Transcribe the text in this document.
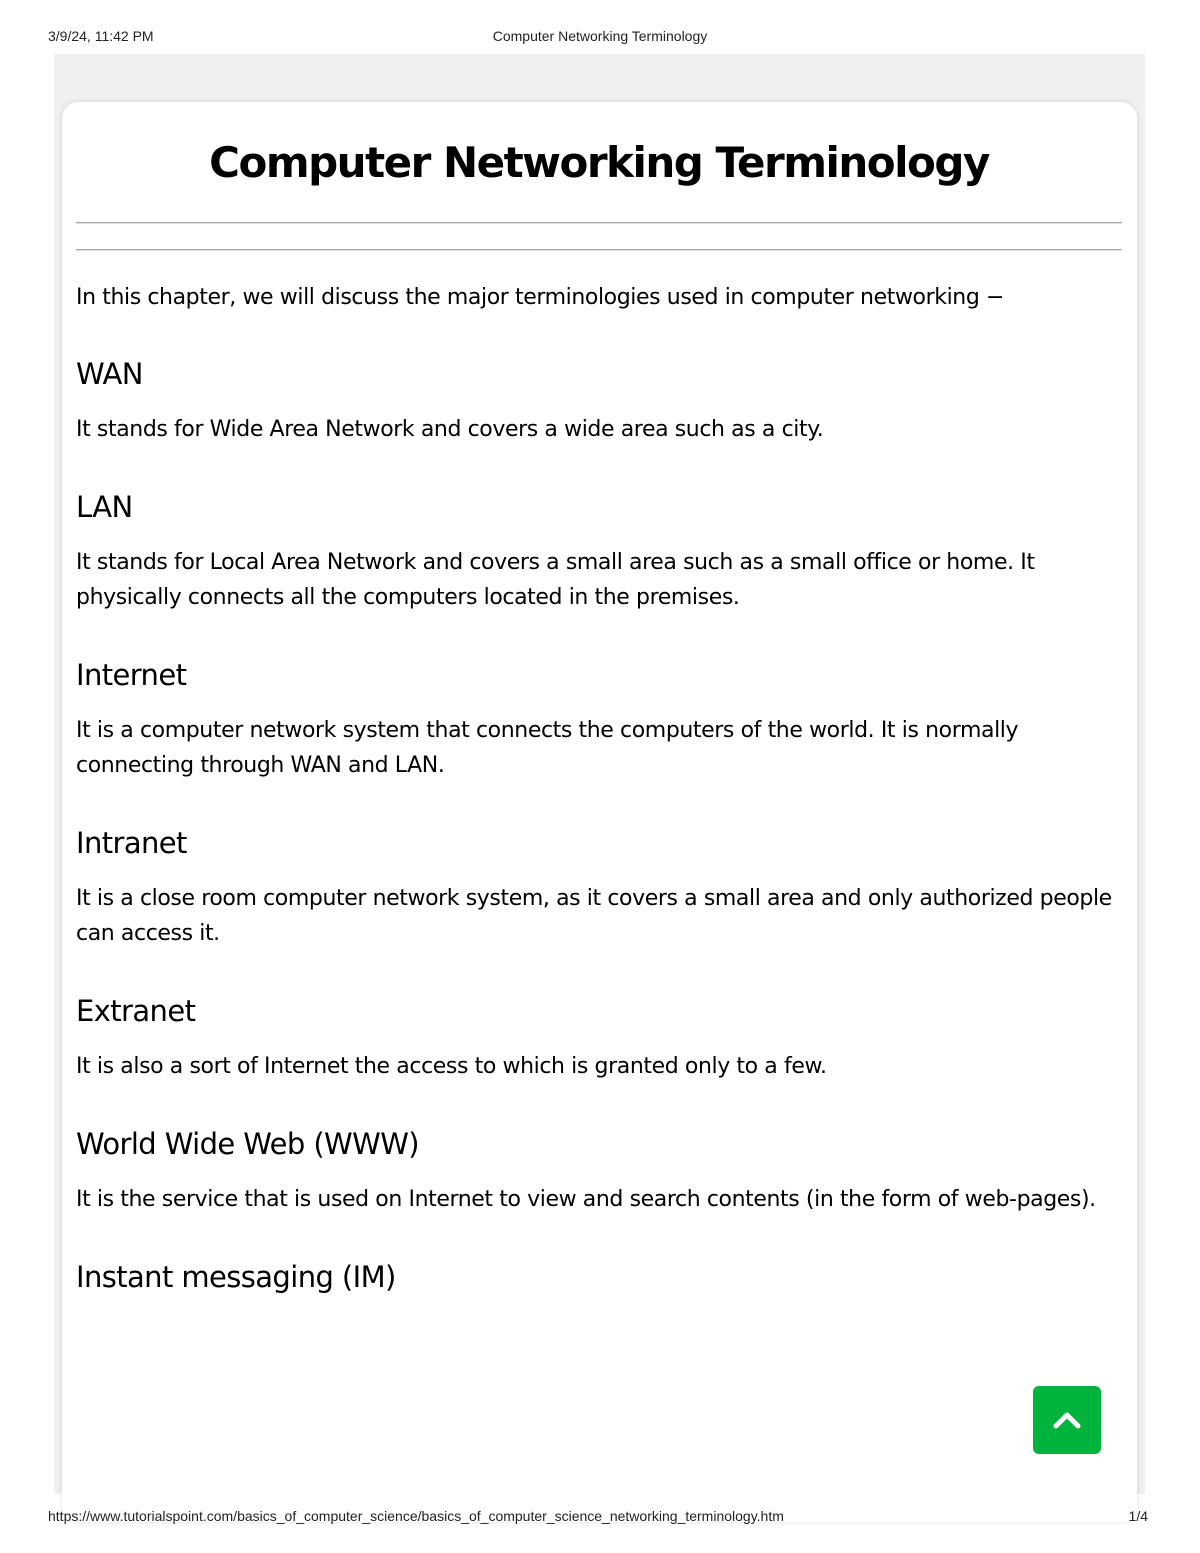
3/9/24, 11:42 PM	Computer Networking Terminology
Computer Networking Terminology

In this chapter, we will discuss the major terminologies used in computer networking −

WAN

It stands for Wide Area Network and covers a wide area such as a city.

LAN

It stands for Local Area Network and covers a small area such as a small office or home. It physically connects all the computers located in the premises.

Internet

It is a computer network system that connects the computers of the world. It is normally connecting through WAN and LAN.

Intranet

It is a close room computer network system, as it covers a small area and only authorized people can access it.

Extranet

It is also a sort of Internet the access to which is granted only to a few.

World Wide Web (WWW)

It is the service that is used on Internet to view and search contents (in the form of web-pages).

Instant messaging (IM)
https://www.tutorialspoint.com/basics_of_computer_science/basics_of_computer_science_networking_terminology.htm	1/4
